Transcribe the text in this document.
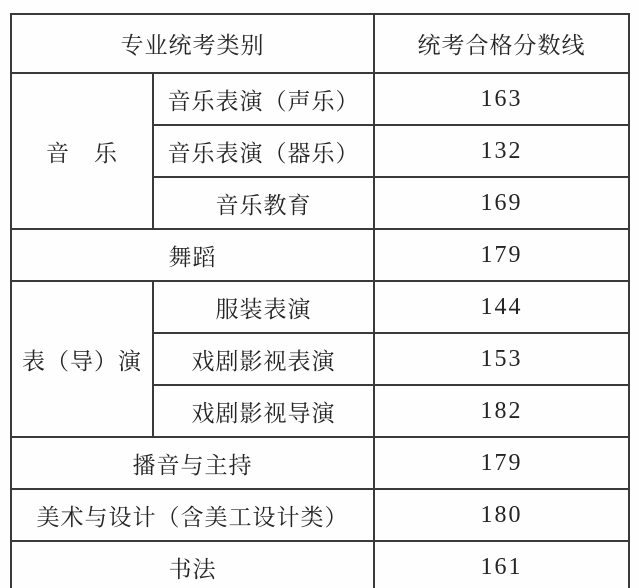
专业统考类别		统考合格分数线
音　乐	音乐表演（声乐）	163
	音乐表演（器乐）	132
	音乐教育	169
舞蹈		179
表（导）演	服装表演	144
	戏剧影视表演	153
	戏剧影视导演	182
播音与主持		179
美术与设计（含美工设计类）		180
书法		161
